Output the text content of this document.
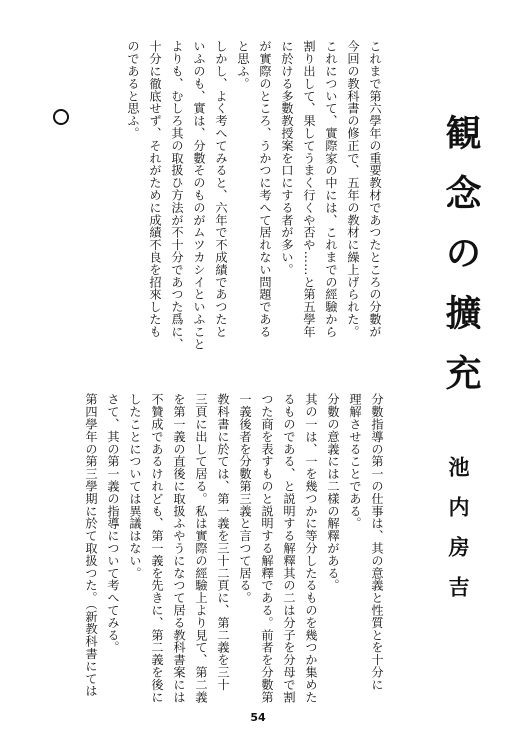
観念の擴充
これまで第六學年の重要教材であつたところの分數が
今回の教科書の修正で、五年の教材に繰上げられた。
これについて、實際家の中には、これまでの經驗から
割り出して、果してうまく行くや否や……と第五學年
に於ける多數教授案を口にする者が多い。
が實際のところ、うかつに考へて居れない問題である
と思ふ。
しかし、よく考へてみると、六年で不成績であつたと
いふのも、實は、分數そのものがムツカシイといふこと
よりも、むしろ其の取扱ひ方法が不十分であつた爲に、
十分に徹底せず、それがために成績不良を招來したも
のであると思ふ。
池内房吉
分數指導の第一の仕事は、其の意義と性質とを十分に
理解させることである。
分數の意義には二樣の解釋がある。
其の一は、一を幾つかに等分したるものを幾つか集めた
るものである、と説明する解釋其の二は分子を分母で割
つた商を表すものと説明する解釋である。前者を分數第
一義後者を分數第三義と言つて居る。
教科書に於ては、第一義を三十二頁に、第二義を三十
三頁に出して居る。私は實際の經驗上より見て、第二義
を第一義の直後に取扱ふやうになつて居る教科書案には
不贊成であるけれども、第一義を先きに、第二義を後に
したことについては異議はない。
さて、其の第一義の指導について考へてみる。
第四學年の第三學期に於て取扱つた。（新教科書にては
54
